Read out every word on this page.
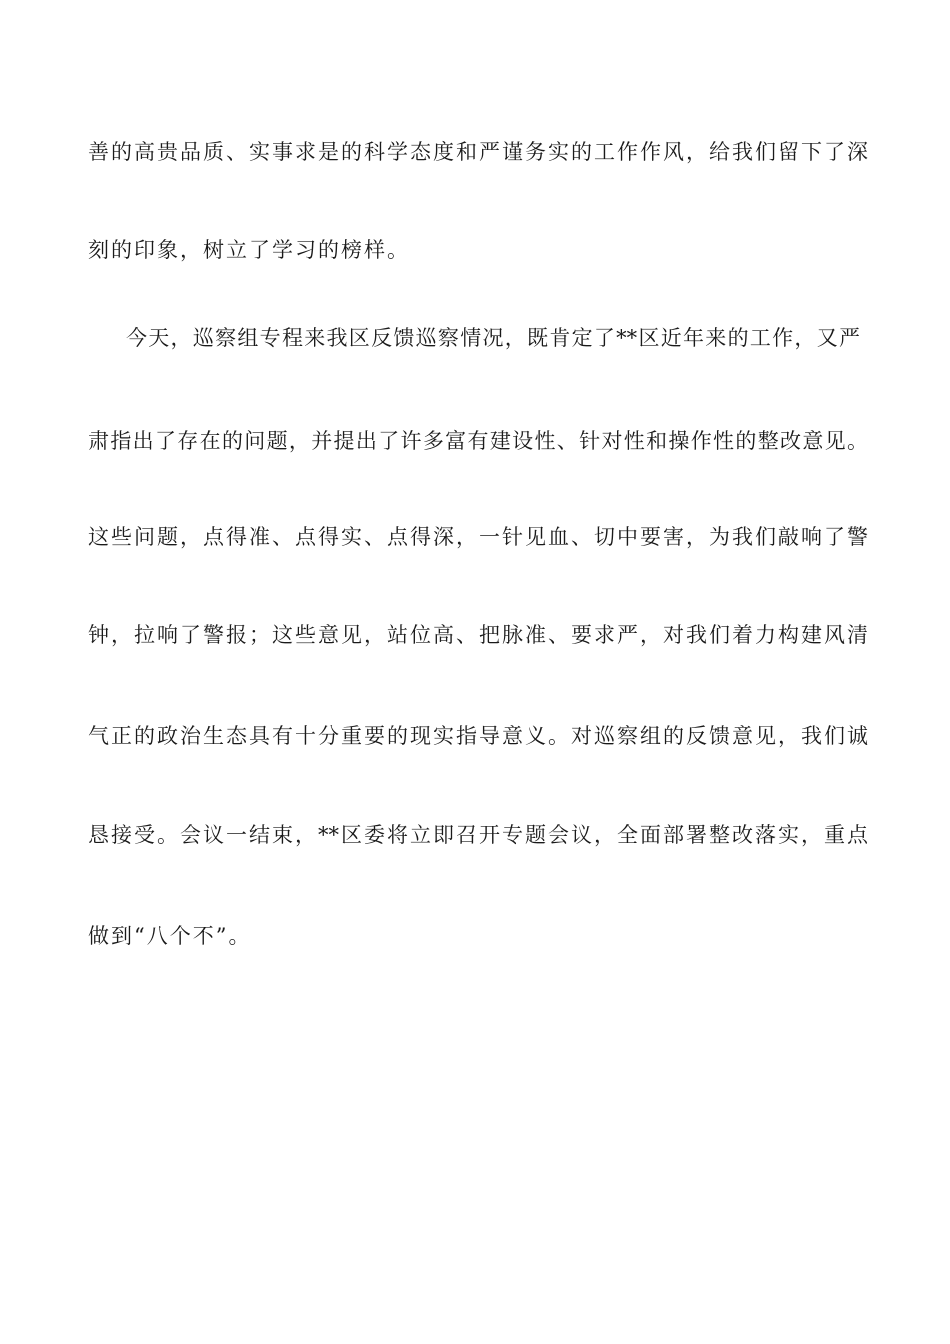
善的高贵品质、实事求是的科学态度和严谨务实的工作作风，给我们留下了深
刻的印象，树立了学习的榜样。
今天，巡察组专程来我区反馈巡察情况，既肯定了**区近年来的工作，又严
肃指出了存在的问题，并提出了许多富有建设性、针对性和操作性的整改意见。
这些问题，点得准、点得实、点得深，一针见血、切中要害，为我们敲响了警
钟，拉响了警报；这些意见，站位高、把脉准、要求严，对我们着力构建风清
气正的政治生态具有十分重要的现实指导意义。对巡察组的反馈意见，我们诚
恳接受。会议一结束，**区委将立即召开专题会议，全面部署整改落实，重点
做到“八个不”。
